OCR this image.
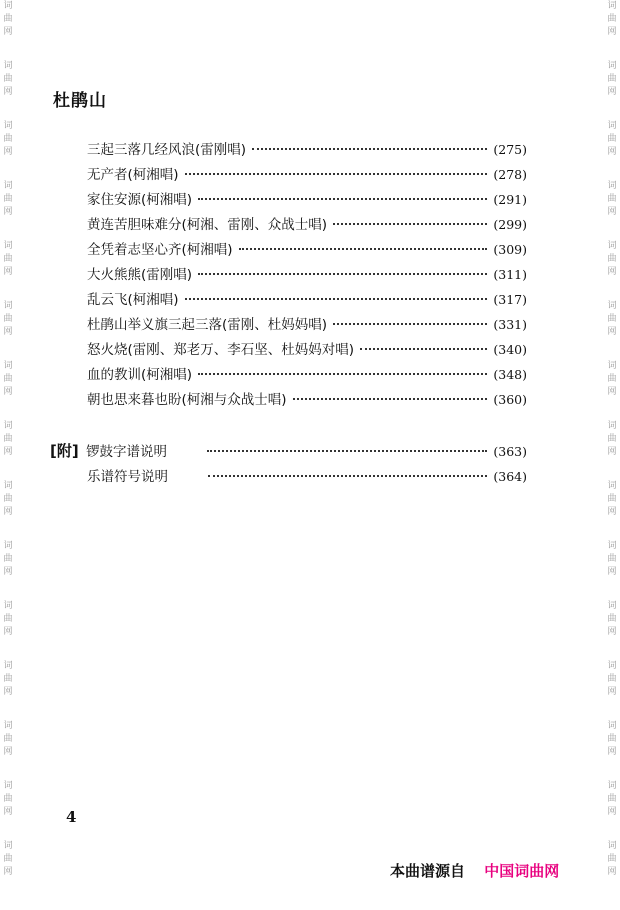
词
曲
网
词
曲
网
词
曲
网
词
曲
网
词
曲
网
词
曲
网
词
曲
网
词
曲
网
词
曲
网
词
曲
网
词
曲
网
词
曲
网
词
曲
网
词
曲
网
词
曲
网
词
曲
网
词
曲
网
词
曲
网
词
曲
网
词
曲
网
词
曲
网
词
曲
网
词
曲
网
词
曲
网
词
曲
网
词
曲
网
词
曲
网
词
曲
网
词
曲
网
词
曲
网
杜鹃山
三起三落几经风浪(雷刚唱)	(275)
无产者(柯湘唱)	(278)
家住安源(柯湘唱)	(291)
黄连苦胆味难分(柯湘、雷刚、众战士唱)	(299)
全凭着志坚心齐(柯湘唱)	(309)
大火熊熊(雷刚唱)	(311)
乱云飞(柯湘唱)	(317)
杜鹃山举义旗三起三落(雷刚、杜妈妈唱)	(331)
怒火烧(雷刚、郑老万、李石坚、杜妈妈对唱)	(340)
血的教训(柯湘唱)	(348)
朝也思来暮也盼(柯湘与众战士唱)	(360)
[附] 锣鼓字谱说明	(363)
乐谱符号说明	(364)
4
本曲谱源自 中国词曲网
